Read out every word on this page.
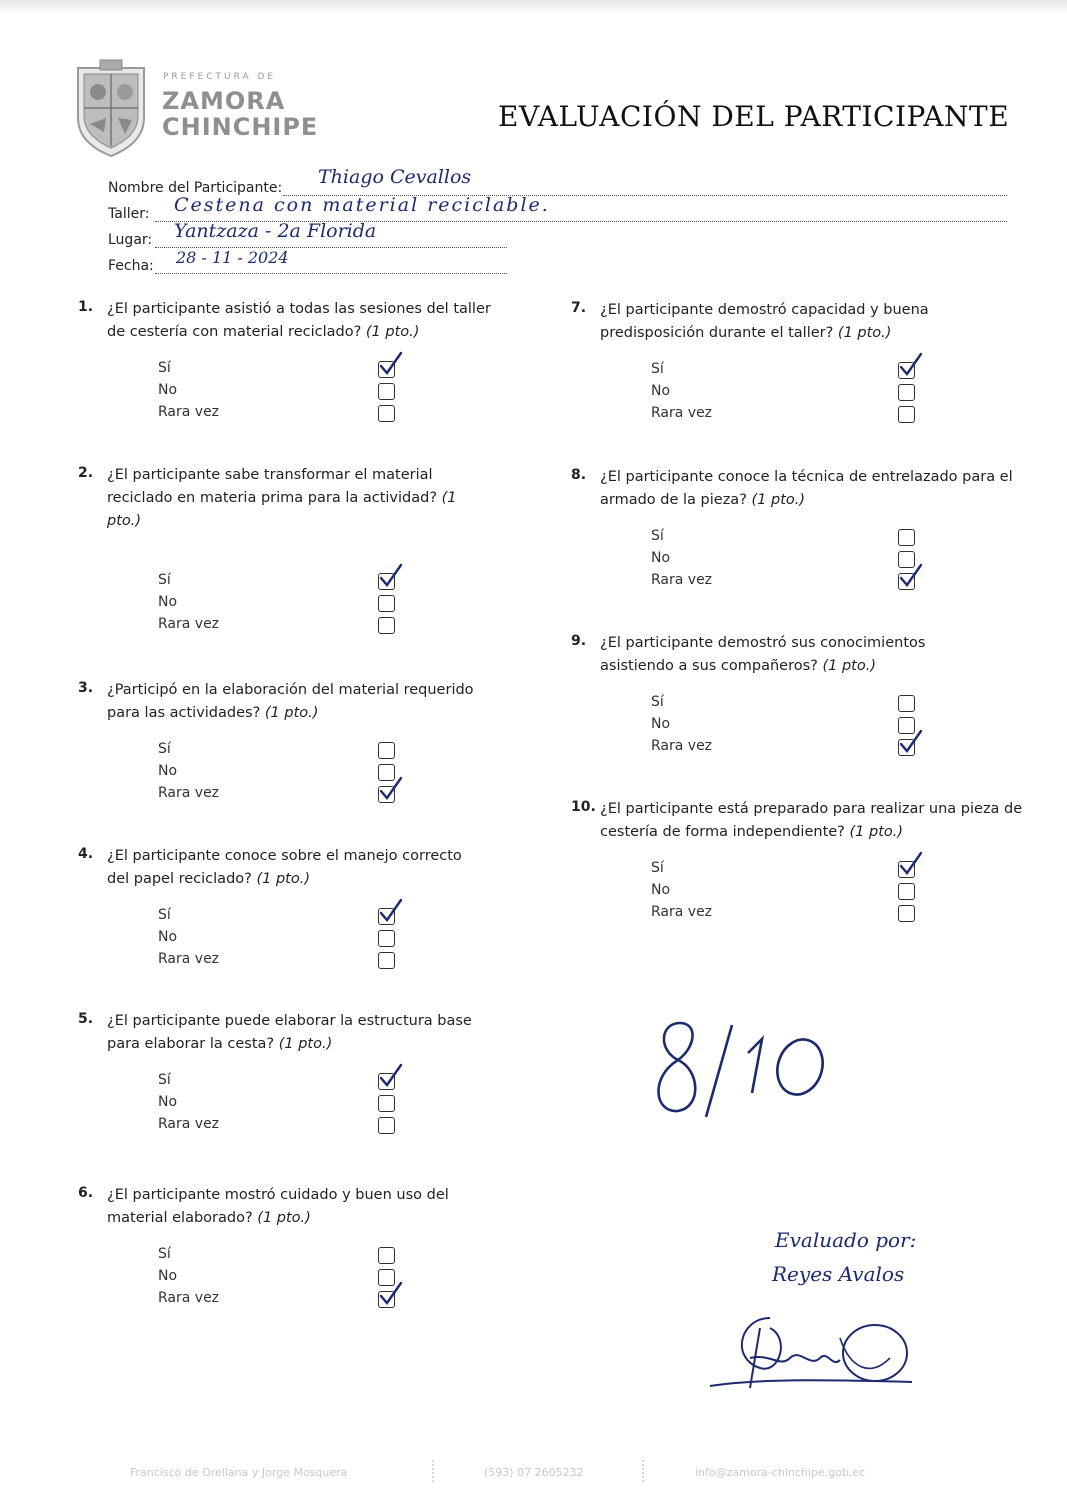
PREFECTURA DE
ZAMORA
CHINCHIPE	EVALUACIÓN DEL PARTICIPANTE
Nombre del Participante: Thiago Cevallos
Taller: Cestena con material reciclable.
Lugar: Yantzaza - 2a Florida
Fecha: 28 - 11 - 2024
1. ¿El participante asistió a todas las sesiones del taller de cestería con material reciclado? (1 pto.)
Sí
No
Rara vez
2. ¿El participante sabe transformar el material reciclado en materia prima para la actividad? (1 pto.)
Sí
No
Rara vez
3. ¿Participó en la elaboración del material requerido para las actividades? (1 pto.)
Sí
No
Rara vez
4. ¿El participante conoce sobre el manejo correcto del papel reciclado? (1 pto.)
Sí
No
Rara vez
5. ¿El participante puede elaborar la estructura base para elaborar la cesta? (1 pto.)
Sí
No
Rara vez
6. ¿El participante mostró cuidado y buen uso del material elaborado? (1 pto.)
Sí
No
Rara vez
7. ¿El participante demostró capacidad y buena predisposición durante el taller? (1 pto.)
Sí
No
Rara vez
8. ¿El participante conoce la técnica de entrelazado para el armado de la pieza? (1 pto.)
Sí
No
Rara vez
9. ¿El participante demostró sus conocimientos asistiendo a sus compañeros? (1 pto.)
Sí
No
Rara vez
10. ¿El participante está preparado para realizar una pieza de cestería de forma independiente? (1 pto.)
Sí
No
Rara vez
Evaluado por:
Reyes Avalos
Francisco de Orellana y Jorge Mosquera	(593) 07 2605232	info@zamora-chinchipe.gob.ec
